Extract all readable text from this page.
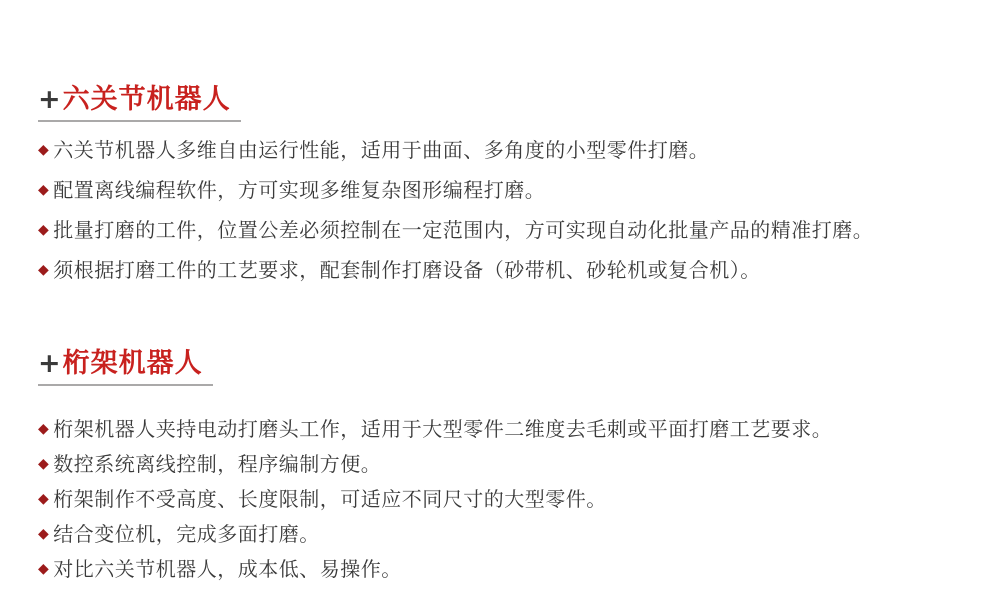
+六关节机器人
◆ 六关节机器人多维自由运行性能，适用于曲面、多角度的小型零件打磨。
◆ 配置离线编程软件，方可实现多维复杂图形编程打磨。
◆ 批量打磨的工件，位置公差必须控制在一定范围内，方可实现自动化批量产品的精准打磨。
◆ 须根据打磨工件的工艺要求，配套制作打磨设备（砂带机、砂轮机或复合机）。
+桁架机器人
◆ 桁架机器人夹持电动打磨头工作，适用于大型零件二维度去毛刺或平面打磨工艺要求。
◆ 数控系统离线控制，程序编制方便。
◆ 桁架制作不受高度、长度限制，可适应不同尺寸的大型零件。
◆ 结合变位机，完成多面打磨。
◆ 对比六关节机器人，成本低、易操作。
